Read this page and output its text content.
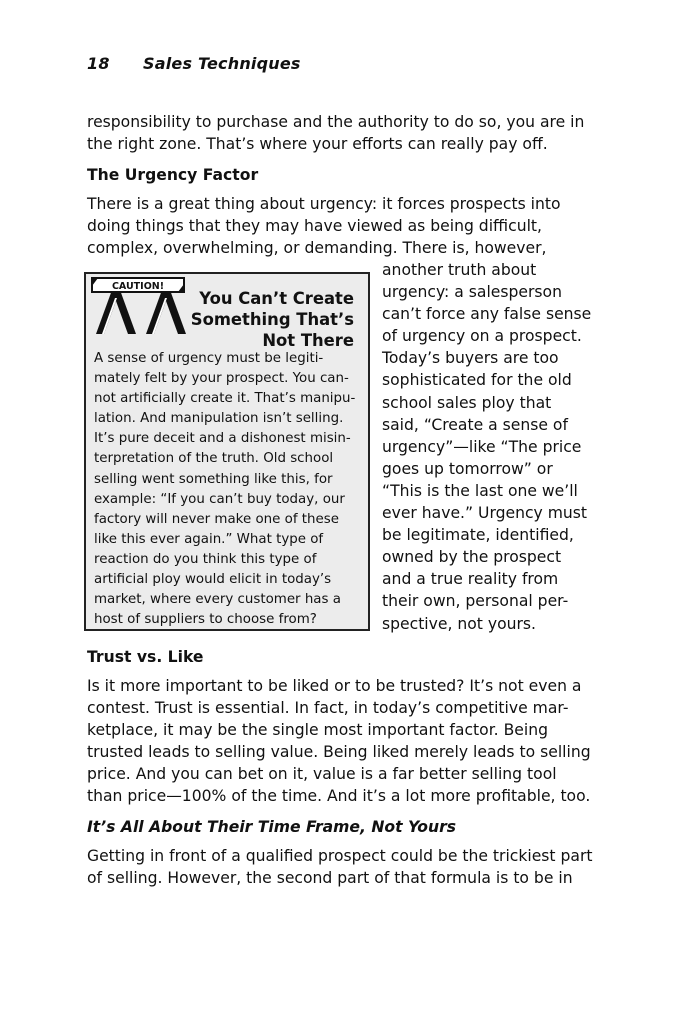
18 Sales Techniques
responsibility to purchase and the authority to do so, you are in
the right zone. That’s where your efforts can really pay off.
The Urgency Factor
There is a great thing about urgency: it forces prospects into
doing things that they may have viewed as being difficult,
complex, overwhelming, or demanding. There is, however,
another truth about
urgency: a salesperson
can’t force any false sense
of urgency on a prospect.
Today’s buyers are too
sophisticated for the old
school sales ploy that
said, “Create a sense of
urgency”—like “The price
goes up tomorrow” or
“This is the last one we’ll
ever have.” Urgency must
be legitimate, identified,
owned by the prospect
and a true reality from
their own, personal per-
spective, not yours.
CAUTION!
You Can’t Create
Something That’s
Not There
A sense of urgency must be legiti-
mately felt by your prospect. You can-
not artificially create it. That’s manipu-
lation. And manipulation isn’t selling.
It’s pure deceit and a dishonest misin-
terpretation of the truth. Old school
selling went something like this, for
example: “If you can’t buy today, our
factory will never make one of these
like this ever again.” What type of
reaction do you think this type of
artificial ploy would elicit in today’s
market, where every customer has a
host of suppliers to choose from?
Trust vs. Like
Is it more important to be liked or to be trusted? It’s not even a
contest. Trust is essential. In fact, in today’s competitive mar-
ketplace, it may be the single most important factor. Being
trusted leads to selling value. Being liked merely leads to selling
price. And you can bet on it, value is a far better selling tool
than price—100% of the time. And it’s a lot more profitable, too.
It’s All About Their Time Frame, Not Yours
Getting in front of a qualified prospect could be the trickiest part
of selling. However, the second part of that formula is to be in
